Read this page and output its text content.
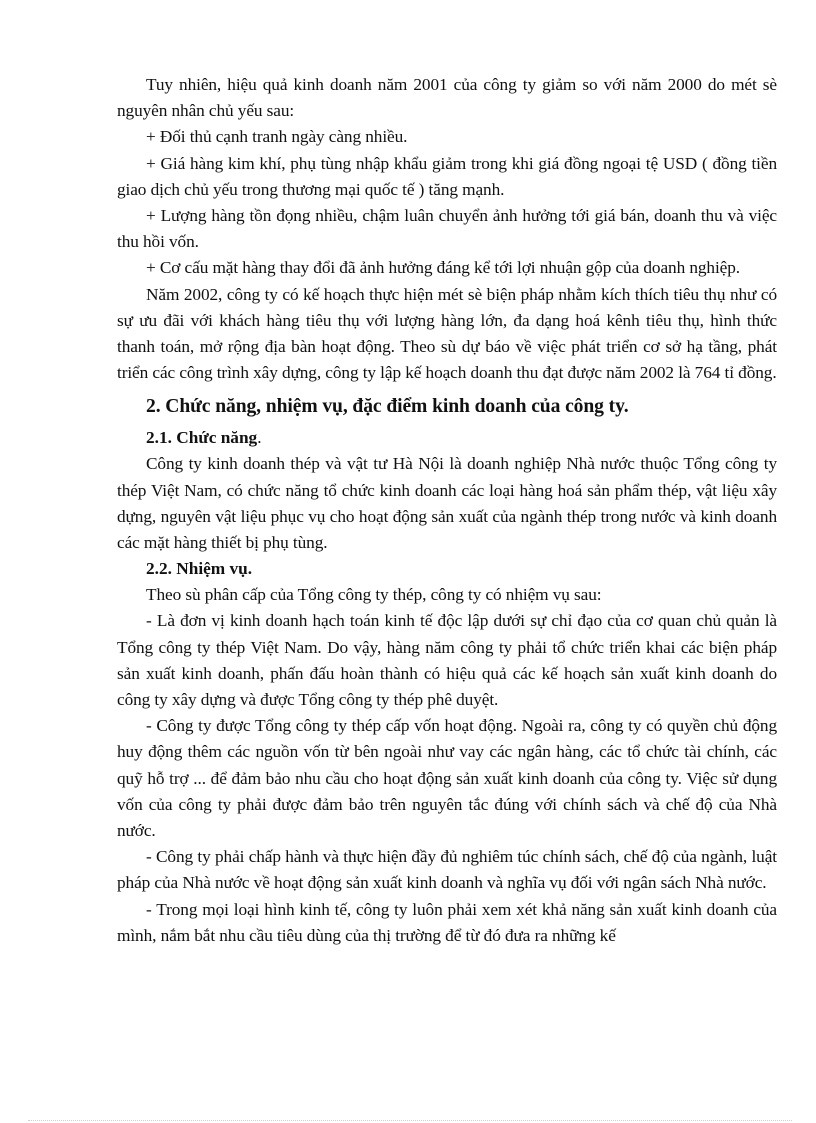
Tuy nhiên, hiệu quả kinh doanh năm 2001 của công ty giảm so với năm 2000 do mét sè nguyên nhân chủ yếu sau:

+ Đối thủ cạnh tranh ngày càng nhiều.

+ Giá hàng kim khí, phụ tùng nhập khẩu giảm trong khi giá đồng ngoại tệ USD ( đồng tiền giao dịch chủ yếu trong thương mại quốc tế ) tăng mạnh.

+ Lượng hàng tồn đọng nhiều, chậm luân chuyển ảnh hưởng tới giá bán, doanh thu và việc thu hồi vốn.

+ Cơ cấu mặt hàng thay đổi đã ảnh hưởng đáng kể tới lợi nhuận gộp của doanh nghiệp.

Năm 2002, công ty có kế hoạch thực hiện mét sè biện pháp nhằm kích thích tiêu thụ như có sự ưu đãi với khách hàng tiêu thụ với lượng hàng lớn, đa dạng hoá kênh tiêu thụ, hình thức thanh toán, mở rộng địa bàn hoạt động. Theo sù dự báo về việc phát triển cơ sở hạ tầng, phát triển các công trình xây dựng, công ty lập kế hoạch doanh thu đạt được năm 2002 là 764 tỉ đồng.

2. Chức năng, nhiệm vụ, đặc điểm kinh doanh của công ty.
2.1. Chức năng.

Công ty kinh doanh thép và vật tư Hà Nội là doanh nghiệp Nhà nước thuộc Tổng công ty thép Việt Nam, có chức năng tổ chức kinh doanh các loại hàng hoá sản phẩm thép, vật liệu xây dựng, nguyên vật liệu phục vụ cho hoạt động sản xuất của ngành thép trong nước và kinh doanh các mặt hàng thiết bị phụ tùng.

2.2. Nhiệm vụ.

Theo sù phân cấp của Tổng công ty thép, công ty có nhiệm vụ sau:

- Là đơn vị kinh doanh hạch toán kinh tế độc lập dưới sự chỉ đạo của cơ quan chủ quản là Tổng công ty thép Việt Nam. Do vậy, hàng năm công ty phải tổ chức triển khai các biện pháp sản xuất kinh doanh, phấn đấu hoàn thành có hiệu quả các kế hoạch sản xuất kinh doanh do công ty xây dựng và được Tổng công ty thép phê duyệt.

- Công ty được Tổng công ty thép cấp vốn hoạt động. Ngoài ra, công ty có quyền chủ động huy động thêm các nguồn vốn từ bên ngoài như vay các ngân hàng, các tổ chức tài chính, các quỹ hỗ trợ ... để đảm bảo nhu cầu cho hoạt động sản xuất kinh doanh của công ty. Việc sử dụng vốn của công ty phải được đảm bảo trên nguyên tắc đúng với chính sách và chế độ của Nhà nước.

- Công ty phải chấp hành và thực hiện đầy đủ nghiêm túc chính sách, chế độ của ngành, luật pháp của Nhà nước về hoạt động sản xuất kinh doanh và nghĩa vụ đối với ngân sách Nhà nước.

- Trong mọi loại hình kinh tế, công ty luôn phải xem xét khả năng sản xuất kinh doanh của mình, nắm bắt nhu cầu tiêu dùng của thị trường để từ đó đưa ra những kế
